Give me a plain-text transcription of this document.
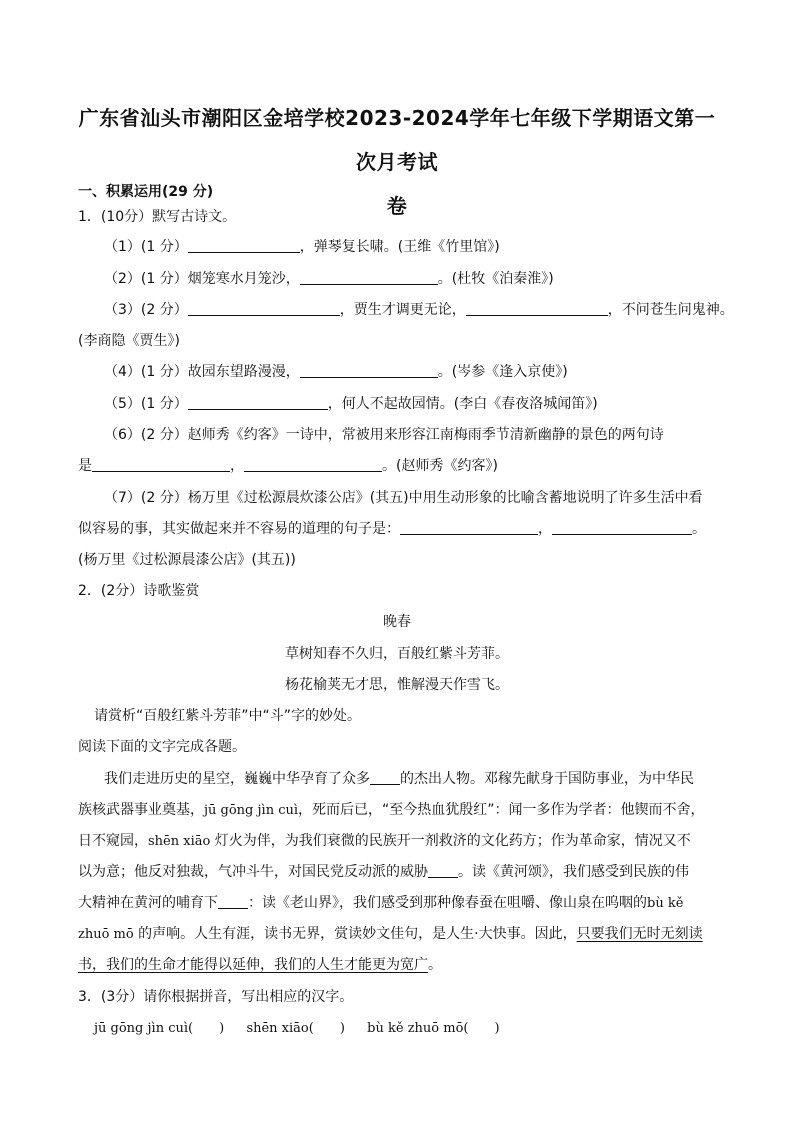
广东省汕头市潮阳区金培学校2023-2024学年七年级下学期语文第一次月考试
卷
一、积累运用(29 分)
1．(10分）默写古诗文。
（1）(1 分）	，弹琴复长啸。(王维《竹里馆》)
（2）(1 分）烟笼寒水月笼沙，	。(杜牧《泊秦淮》)
（3）(2 分）	，贾生才调更无论，	，不问苍生问鬼神。
(李商隐《贾生》)
（4）(1 分）故园东望路漫漫，	。(岑参《逢入京使》)
（5）(1 分）	，何人不起故园情。(李白《春夜洛城闻笛》)
（6）(2 分）赵师秀《约客》一诗中，常被用来形容江南梅雨季节清新幽静的景色的两句诗
是	，	。(赵师秀《约客》)
（7）(2 分）杨万里《过松源晨炊漆公店》(其五)中用生动形象的比喻含蓄地说明了许多生活中看
似容易的事，其实做起来并不容易的道理的句子是：	，	。
(杨万里《过松源晨漆公店》(其五))
2．(2分）诗歌鉴赏
晚春
草树知春不久归，百般红紫斗芳菲。
杨花榆荚无才思，惟解漫天作雪飞。
请赏析“百般红紫斗芳菲”中“斗”字的妙处。
阅读下面的文字完成各题。
我们走进历史的星空，巍巍中华孕育了众多 的杰出人物。邓稼先献身于国防事业，为中华民
族核武器事业奠基，jū gōng jìn cuì，死而后已，“至今热血犹殷红”：闻一多作为学者：他锲而不舍，
日不窥园，shēn xiāo 灯火为伴，为我们衰微的民族开一剂救济的文化药方；作为革命家，情况又不
以为意；他反对独裁，气冲斗牛，对国民党反动派的威胁 。读《黄河颂》，我们感受到民族的伟
大精神在黄河的哺育下 ：读《老山界》，我们感受到那种像春蚕在咀嚼、像山泉在呜咽的bù kě
zhuō mō 的声响。人生有涯，读书无界，赏读妙文佳句，是人生·大快事。因此，只要我们无时无刻读
书，我们的生命才能得以延伸，我们的人生才能更为宽广。
3．(3分）请你根据拼音，写出相应的汉字。
jū gōng jìn cuì( ) shēn xiāo( ) bù kě zhuō mō( )
